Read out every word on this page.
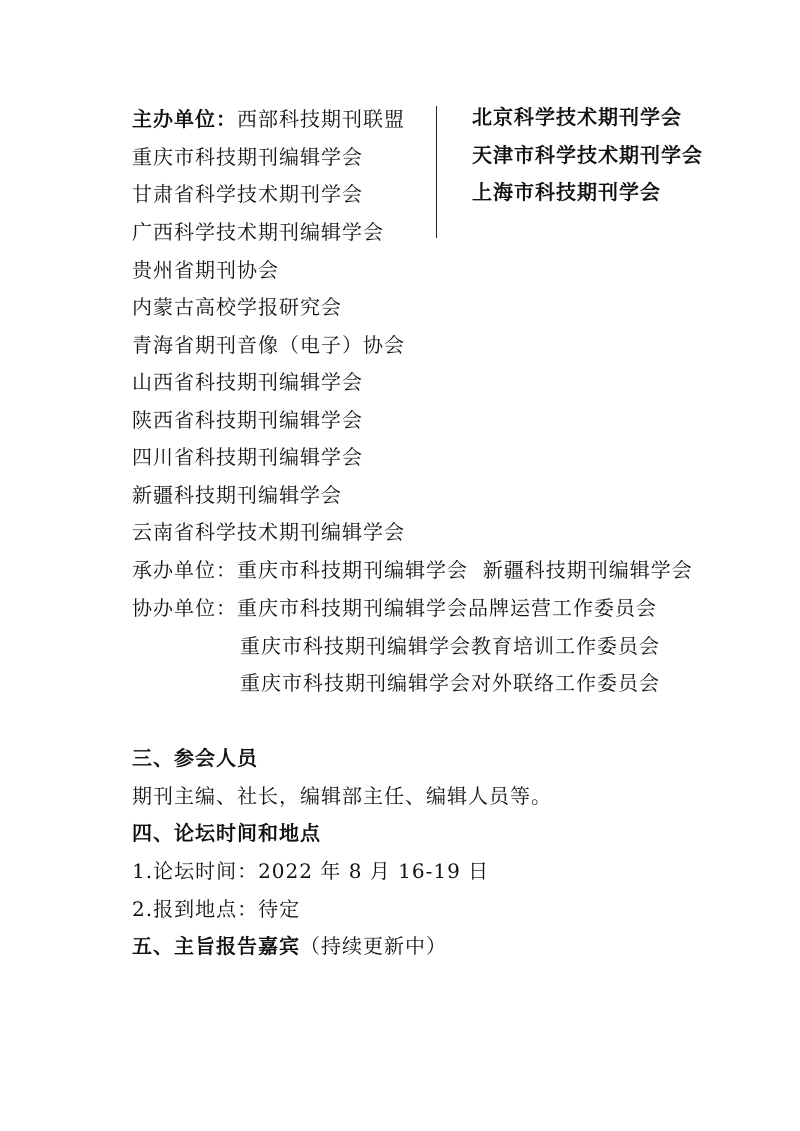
主办单位：西部科技期刊联盟
重庆市科技期刊编辑学会
甘肃省科学技术期刊学会
广西科学技术期刊编辑学会
贵州省期刊协会
内蒙古高校学报研究会
青海省期刊音像（电子）协会
山西省科技期刊编辑学会
陕西省科技期刊编辑学会
四川省科技期刊编辑学会
新疆科技期刊编辑学会
云南省科学技术期刊编辑学会
北京科学技术期刊学会
天津市科学技术期刊学会
上海市科技期刊学会
承办单位：重庆市科技期刊编辑学会  新疆科技期刊编辑学会
协办单位：重庆市科技期刊编辑学会品牌运营工作委员会
重庆市科技期刊编辑学会教育培训工作委员会
重庆市科技期刊编辑学会对外联络工作委员会
三、参会人员
期刊主编、社长，编辑部主任、编辑人员等。
四、论坛时间和地点
1.论坛时间：2022 年 8 月 16-19 日
2.报到地点：待定
五、主旨报告嘉宾（持续更新中）
